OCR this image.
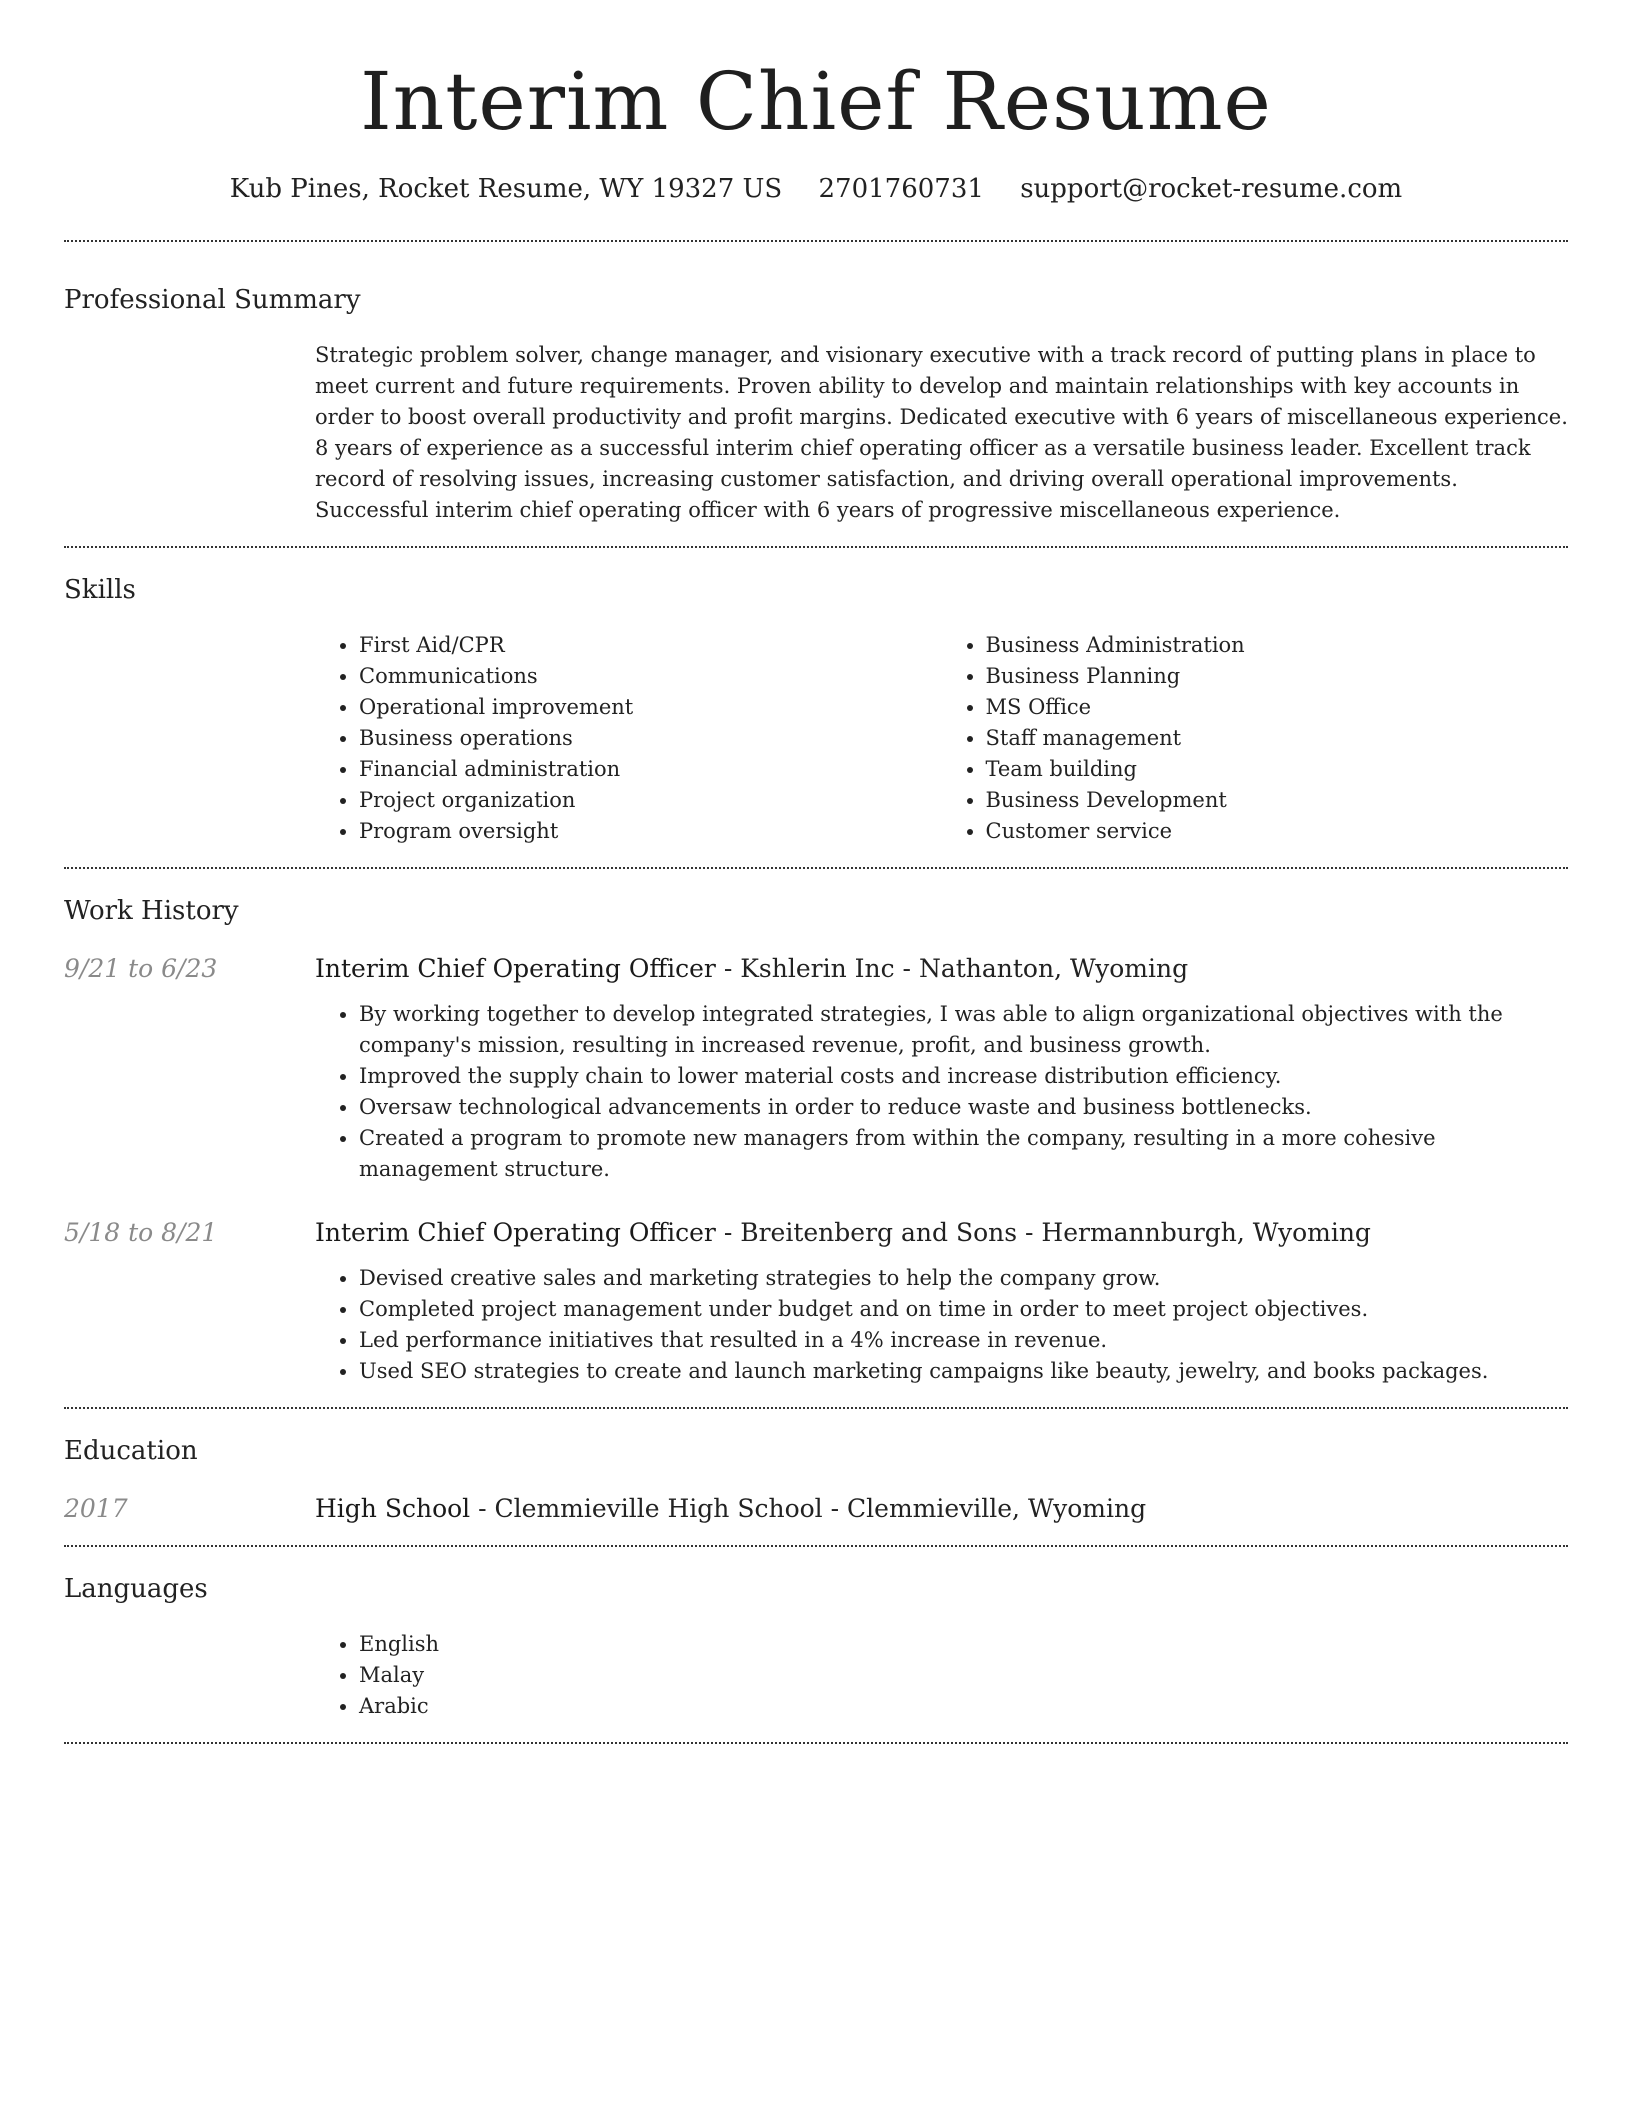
Interim Chief Resume
Kub Pines, Rocket Resume, WY 19327 US 2701760731 support@rocket-resume.com
Professional Summary
Strategic problem solver, change manager, and visionary executive with a track record of putting plans in place to meet current and future requirements. Proven ability to develop and maintain relationships with key accounts in order to boost overall productivity and profit margins. Dedicated executive with 6 years of miscellaneous experience. 8 years of experience as a successful interim chief operating officer as a versatile business leader. Excellent track record of resolving issues, increasing customer satisfaction, and driving overall operational improvements. Successful interim chief operating officer with 6 years of progressive miscellaneous experience.
Skills
• First Aid/CPR
• Communications
• Operational improvement
• Business operations
• Financial administration
• Project organization
• Program oversight
• Business Administration
• Business Planning
• MS Office
• Staff management
• Team building
• Business Development
• Customer service
Work History
9/21 to 6/23	Interim Chief Operating Officer - Kshlerin Inc - Nathanton, Wyoming
• By working together to develop integrated strategies, I was able to align organizational objectives with the company's mission, resulting in increased revenue, profit, and business growth.
• Improved the supply chain to lower material costs and increase distribution efficiency.
• Oversaw technological advancements in order to reduce waste and business bottlenecks.
• Created a program to promote new managers from within the company, resulting in a more cohesive management structure.
5/18 to 8/21	Interim Chief Operating Officer - Breitenberg and Sons - Hermannburgh, Wyoming
• Devised creative sales and marketing strategies to help the company grow.
• Completed project management under budget and on time in order to meet project objectives.
• Led performance initiatives that resulted in a 4% increase in revenue.
• Used SEO strategies to create and launch marketing campaigns like beauty, jewelry, and books packages.
Education
2017	High School - Clemmieville High School - Clemmieville, Wyoming
Languages
• English
• Malay
• Arabic
